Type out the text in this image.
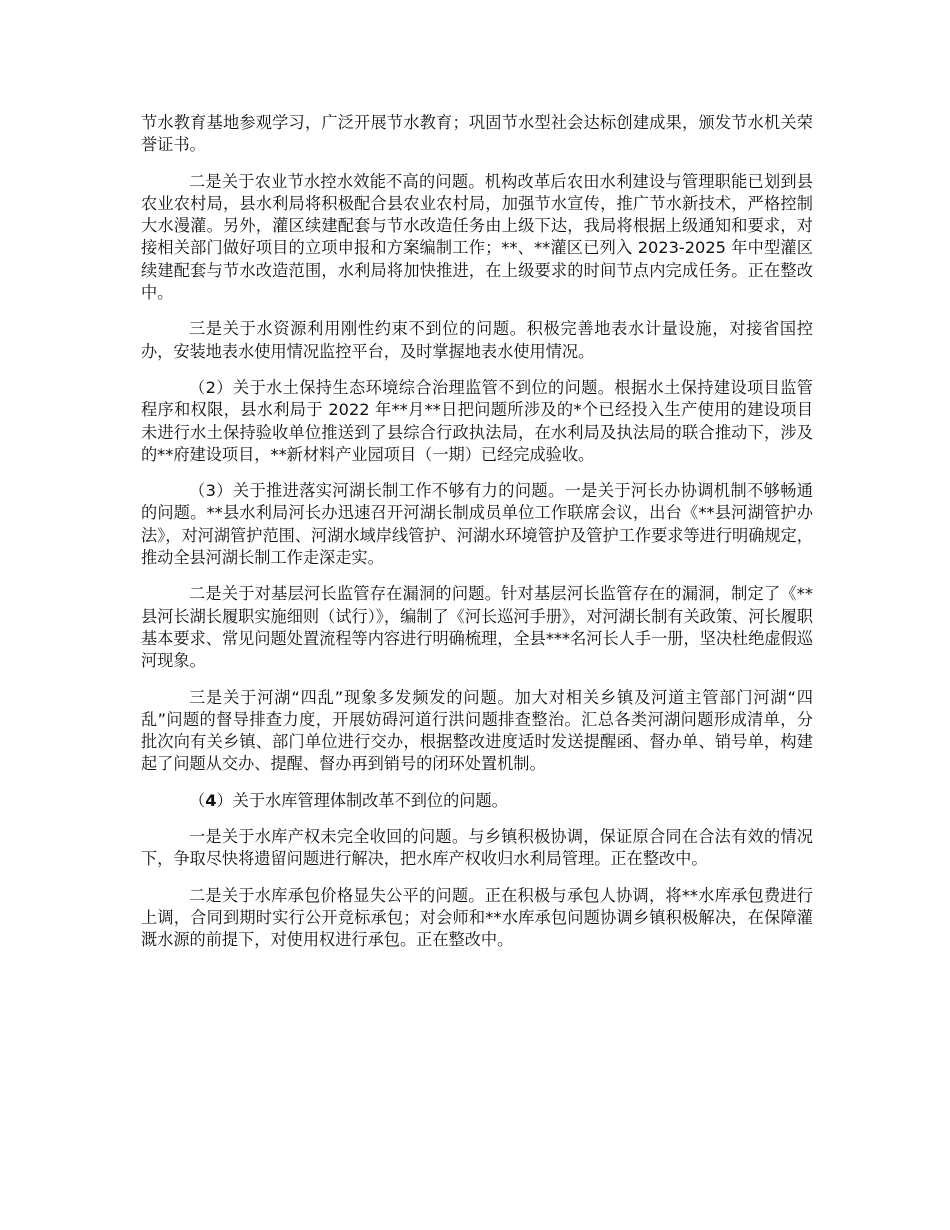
节水教育基地参观学习，广泛开展节水教育；巩固节水型社会达标创建成果，颁发节水机关荣誉证书。

二是关于农业节水控水效能不高的问题。机构改革后农田水利建设与管理职能已划到县农业农村局，县水利局将积极配合县农业农村局，加强节水宣传，推广节水新技术，严格控制大水漫灌。另外，灌区续建配套与节水改造任务由上级下达，我局将根据上级通知和要求，对接相关部门做好项目的立项申报和方案编制工作；**、**灌区已列入 2023-2025 年中型灌区续建配套与节水改造范围，水利局将加快推进，在上级要求的时间节点内完成任务。正在整改中。

三是关于水资源利用刚性约束不到位的问题。积极完善地表水计量设施，对接省国控办，安装地表水使用情况监控平台，及时掌握地表水使用情况。

（2）关于水土保持生态环境综合治理监管不到位的问题。根据水土保持建设项目监管程序和权限，县水利局于 2022 年**月**日把问题所涉及的*个已经投入生产使用的建设项目未进行水土保持验收单位推送到了县综合行政执法局，在水利局及执法局的联合推动下，涉及的**府建设项目，**新材料产业园项目（一期）已经完成验收。

（3）关于推进落实河湖长制工作不够有力的问题。一是关于河长办协调机制不够畅通的问题。**县水利局河长办迅速召开河湖长制成员单位工作联席会议，出台《**县河湖管护办法》，对河湖管护范围、河湖水域岸线管护、河湖水环境管护及管护工作要求等进行明确规定，推动全县河湖长制工作走深走实。

二是关于对基层河长监管存在漏洞的问题。针对基层河长监管存在的漏洞，制定了《**县河长湖长履职实施细则（试行）》，编制了《河长巡河手册》，对河湖长制有关政策、河长履职基本要求、常见问题处置流程等内容进行明确梳理，全县***名河长人手一册，坚决杜绝虚假巡河现象。

三是关于河湖“四乱”现象多发频发的问题。加大对相关乡镇及河道主管部门河湖“四乱”问题的督导排查力度，开展妨碍河道行洪问题排查整治。汇总各类河湖问题形成清单，分批次向有关乡镇、部门单位进行交办，根据整改进度适时发送提醒函、督办单、销号单，构建起了问题从交办、提醒、督办再到销号的闭环处置机制。

（4）关于水库管理体制改革不到位的问题。

一是关于水库产权未完全收回的问题。与乡镇积极协调，保证原合同在合法有效的情况下，争取尽快将遗留问题进行解决，把水库产权收归水利局管理。正在整改中。

二是关于水库承包价格显失公平的问题。正在积极与承包人协调，将**水库承包费进行上调，合同到期时实行公开竞标承包；对会师和**水库承包问题协调乡镇积极解决，在保障灌溉水源的前提下，对使用权进行承包。正在整改中。
